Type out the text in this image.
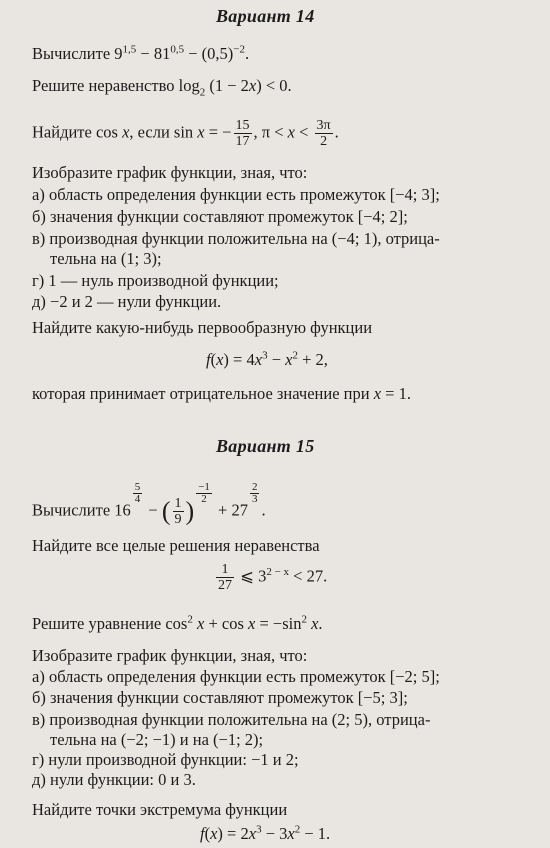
Вариант 14
Вычислите $9^{1,5} - 81^{0,5} - (0,5)^{-2}$.
Решите неравенство $\log_2 (1 - 2x) < 0$.
Найдите cos x, если sin x = − $\frac{15}{17}$ , $\pi < x < \frac{3\pi}{2}$ .
Изобразите график функции, зная, что:
а) область определения функции есть промежуток [−4; 3];
б) значения функции составляют промежуток [−4; 2];
в) производная функции положительна на (−4; 1), отрица-
тельна на (1; 3);
г) 1 — нуль производной функции;
д) −2 и 2 — нули функции.
Найдите какую-нибудь первообразную функции
$f(x) = 4x^3 - x^2 + 2$,
которая принимает отрицательное значение при x = 1.
Вариант 15
Вычислите 16
$\frac{5}{4}$
− ( $\frac{1}{9}$ )
$\frac{-1}{2}$
+ 27
$\frac{2}{3}$
.
Найдите все целые решения неравенства
$\frac{1}{27}$ ⩽ $3^{2 - x} < 27$.
Решите уравнение $\cos^2 x + \cos x = -\sin^2$ x.
Изобразите график функции, зная, что:
а) область определения функции есть промежуток [−2; 5];
б) значения функции составляют промежуток [−5; 3];
в) производная функции положительна на (2; 5), отрица-
тельна на (−2; −1) и на (−1; 2);
г) нули производной функции: −1 и 2;
д) нули функции: 0 и 3.
Найдите точки экстремума функции
$f(x) = 2x^3 - 3x^2 - 1$.
